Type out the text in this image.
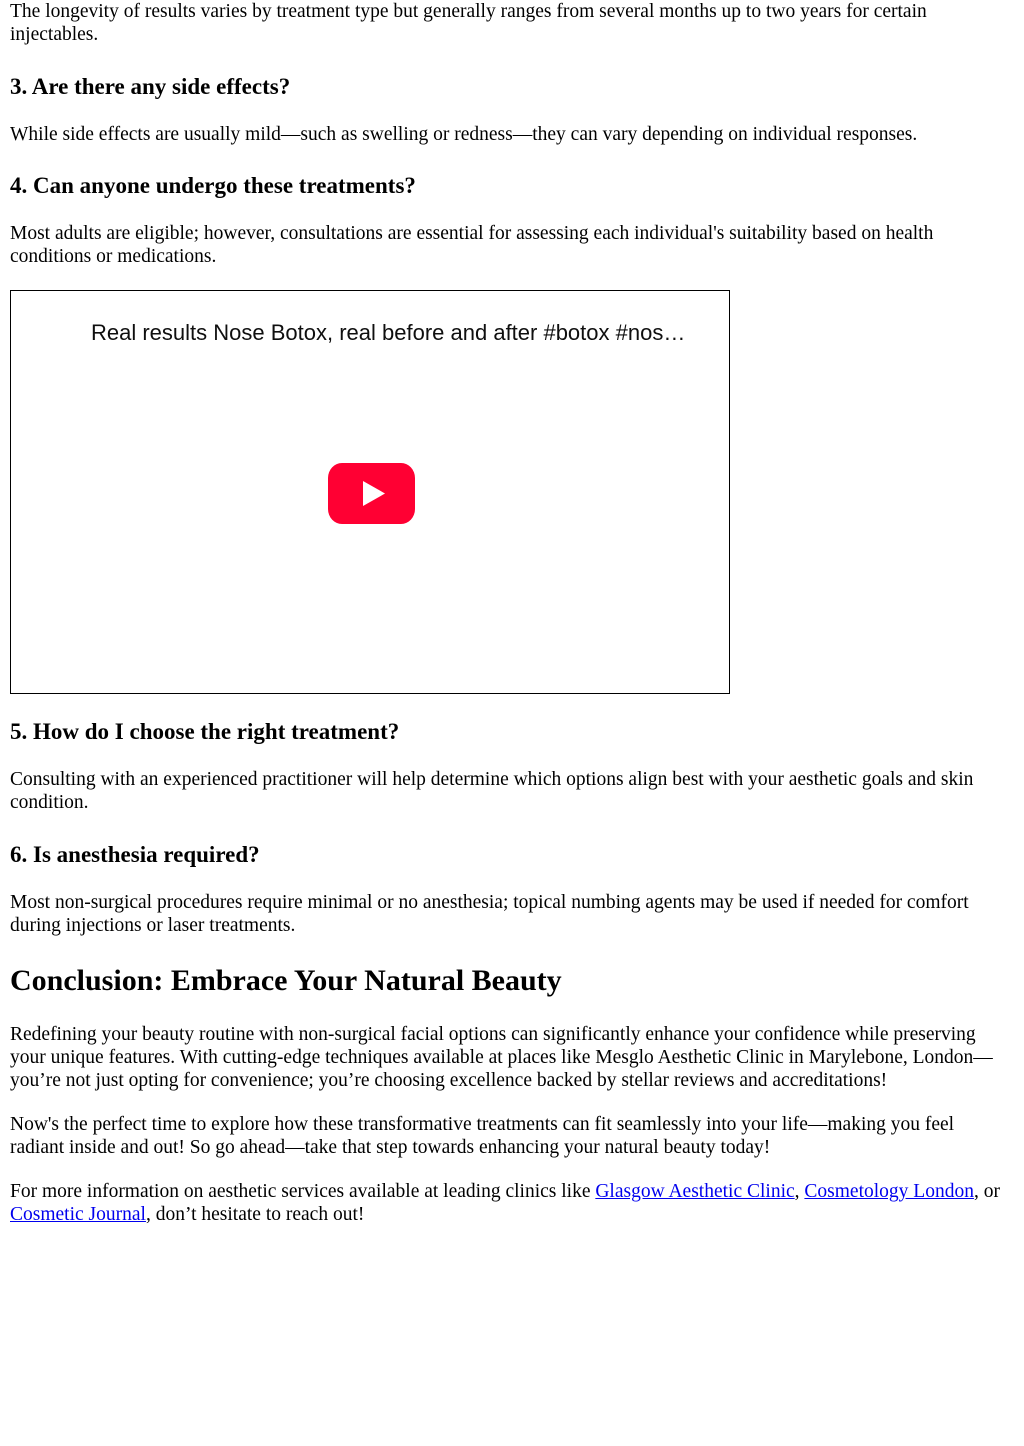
The longevity of results varies by treatment type but generally ranges from several months up to two years for certain injectables.

3. Are there any side effects?

While side effects are usually mild—such as swelling or redness—they can vary depending on individual responses.

4. Can anyone undergo these treatments?

Most adults are eligible; however, consultations are essential for assessing each individual's suitability based on health conditions or medications.

Real results Nose Botox, real before and after #botox #nos…
5. How do I choose the right treatment?

Consulting with an experienced practitioner will help determine which options align best with your aesthetic goals and skin condition.

6. Is anesthesia required?

Most non-surgical procedures require minimal or no anesthesia; topical numbing agents may be used if needed for comfort during injections or laser treatments.

Conclusion: Embrace Your Natural Beauty

Redefining your beauty routine with non-surgical facial options can significantly enhance your confidence while preserving your unique features. With cutting-edge techniques available at places like Mesglo Aesthetic Clinic in Marylebone, London—you’re not just opting for convenience; you’re choosing excellence backed by stellar reviews and accreditations!

Now's the perfect time to explore how these transformative treatments can fit seamlessly into your life—making you feel radiant inside and out! So go ahead—take that step towards enhancing your natural beauty today!

For more information on aesthetic services available at leading clinics like Glasgow Aesthetic Clinic, Cosmetology London, or Cosmetic Journal, don’t hesitate to reach out!
